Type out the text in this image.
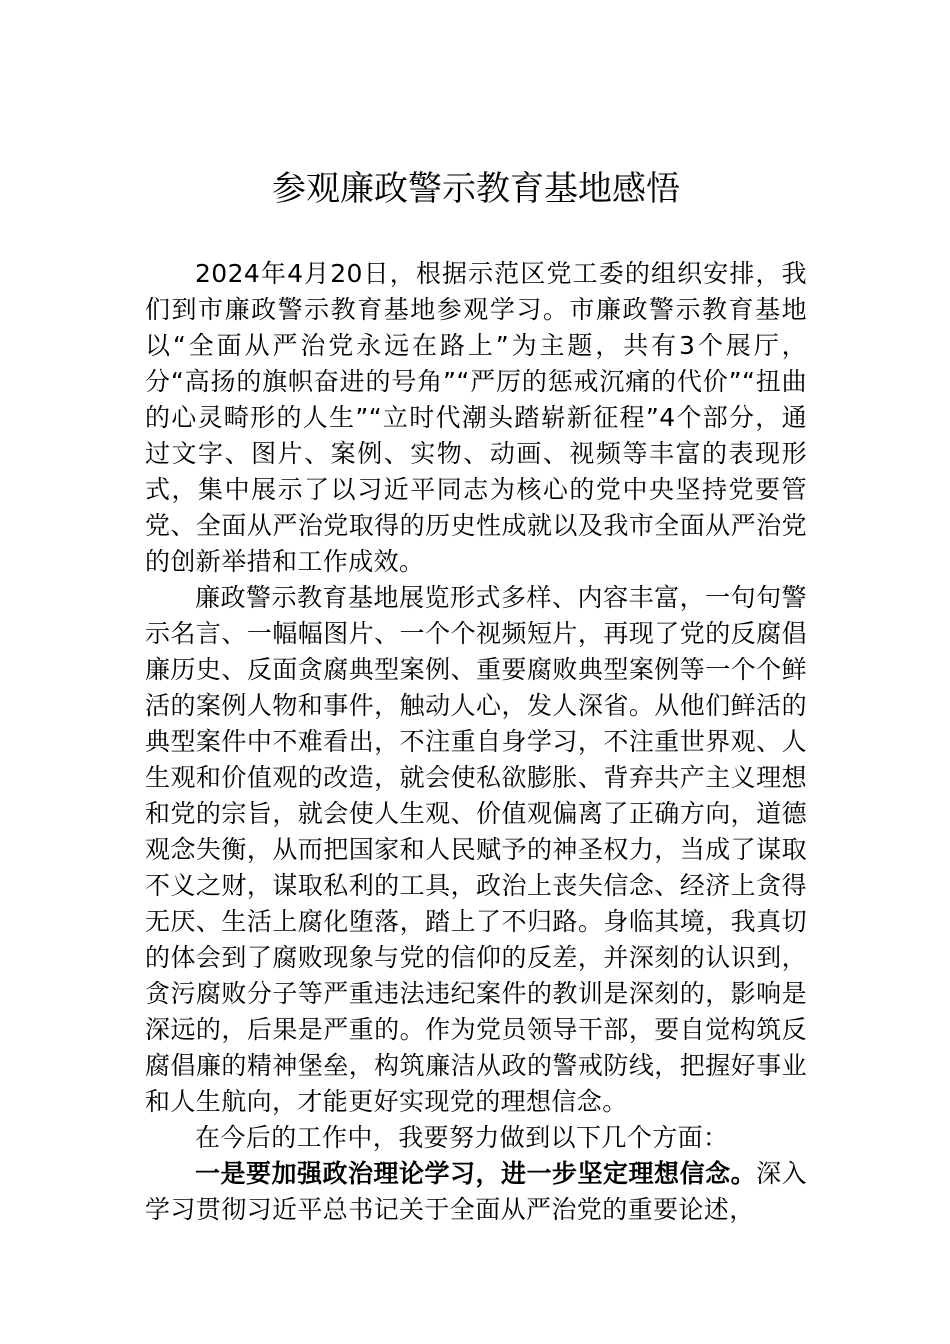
参观廉政警示教育基地感悟

2024年4月20日，根据示范区党工委的组织安排，我们到市廉政警示教育基地参观学习。市廉政警示教育基地以“全面从严治党永远在路上”为主题，共有3个展厅，分“高扬的旗帜奋进的号角”“严厉的惩戒沉痛的代价”“扭曲的心灵畸形的人生”“立时代潮头踏崭新征程”4个部分，通过文字、图片、案例、实物、动画、视频等丰富的表现形式，集中展示了以习近平同志为核心的党中央坚持党要管党、全面从严治党取得的历史性成就以及我市全面从严治党的创新举措和工作成效。

廉政警示教育基地展览形式多样、内容丰富，一句句警示名言、一幅幅图片、一个个视频短片，再现了党的反腐倡廉历史、反面贪腐典型案例、重要腐败典型案例等一个个鲜活的案例人物和事件，触动人心，发人深省。从他们鲜活的典型案件中不难看出，不注重自身学习，不注重世界观、人生观和价值观的改造，就会使私欲膨胀、背弃共产主义理想和党的宗旨，就会使人生观、价值观偏离了正确方向，道德观念失衡，从而把国家和人民赋予的神圣权力，当成了谋取不义之财，谋取私利的工具，政治上丧失信念、经济上贪得无厌、生活上腐化堕落，踏上了不归路。身临其境，我真切的体会到了腐败现象与党的信仰的反差，并深刻的认识到，贪污腐败分子等严重违法违纪案件的教训是深刻的，影响是深远的，后果是严重的。作为党员领导干部，要自觉构筑反腐倡廉的精神堡垒，构筑廉洁从政的警戒防线，把握好事业和人生航向，才能更好实现党的理想信念。

在今后的工作中，我要努力做到以下几个方面：

一是要加强政治理论学习，进一步坚定理想信念。深入学习贯彻习近平总书记关于全面从严治党的重要论述，
